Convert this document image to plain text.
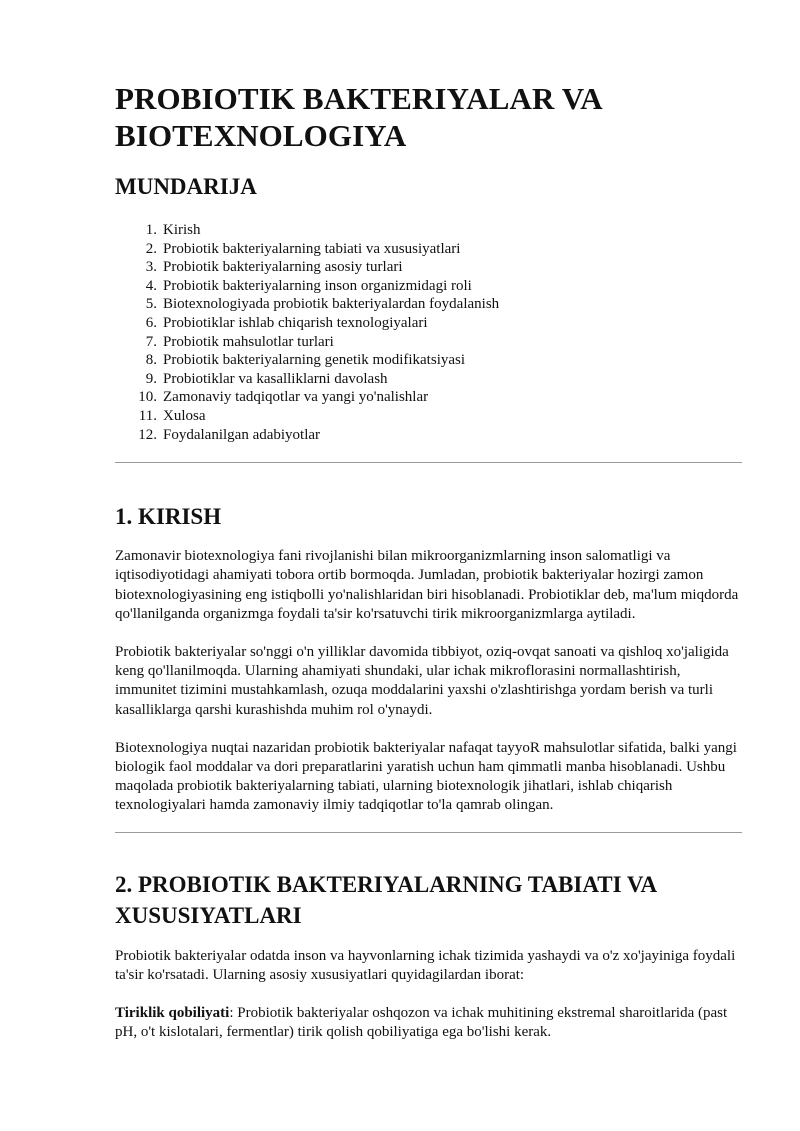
PROBIOTIK BAKTERIYALAR VA BIOTEXNOLOGIYA
MUNDARIJA
1. Kirish
2. Probiotik bakteriyalarning tabiati va xususiyatlari
3. Probiotik bakteriyalarning asosiy turlari
4. Probiotik bakteriyalarning inson organizmidagi roli
5. Biotexnologiyada probiotik bakteriyalardan foydalanish
6. Probiotiklar ishlab chiqarish texnologiyalari
7. Probiotik mahsulotlar turlari
8. Probiotik bakteriyalarning genetik modifikatsiyasi
9. Probiotiklar va kasalliklarni davolash
10. Zamonaviy tadqiqotlar va yangi yo'nalishlar
11. Xulosa
12. Foydalanilgan adabiyotlar
1. KIRISH

Zamonavir biotexnologiya fani rivojlanishi bilan mikroorganizmlarning inson salomatligi va iqtisodiyotidagi ahamiyati tobora ortib bormoqda. Jumladan, probiotik bakteriyalar hozirgi zamon biotexnologiyasining eng istiqbolli yo'nalishlaridan biri hisoblanadi. Probiotiklar deb, ma'lum miqdorda qo'llanilganda organizmga foydali ta'sir ko'rsatuvchi tirik mikroorganizmlarga aytiladi.

Probiotik bakteriyalar so'nggi o'n yilliklar davomida tibbiyot, oziq-ovqat sanoati va qishloq xo'jaligida keng qo'llanilmoqda. Ularning ahamiyati shundaki, ular ichak mikroflorasini normallashtirish, immunitet tizimini mustahkamlash, ozuqa moddalarini yaxshi o'zlashtirishga yordam berish va turli kasalliklarga qarshi kurashishda muhim rol o'ynaydi.

Biotexnologiya nuqtai nazaridan probiotik bakteriyalar nafaqat tayyoR mahsulotlar sifatida, balki yangi biologik faol moddalar va dori preparatlarini yaratish uchun ham qimmatli manba hisoblanadi. Ushbu maqolada probiotik bakteriyalarning tabiati, ularning biotexnologik jihatlari, ishlab chiqarish texnologiyalari hamda zamonaviy ilmiy tadqiqotlar to'la qamrab olingan.

2. PROBIOTIK BAKTERIYALARNING TABIATI VA XUSUSIYATLARI

Probiotik bakteriyalar odatda inson va hayvonlarning ichak tizimida yashaydi va o'z xo'jayiniga foydali ta'sir ko'rsatadi. Ularning asosiy xususiyatlari quyidagilardan iborat:

Tiriklik qobiliyati: Probiotik bakteriyalar oshqozon va ichak muhitining ekstremal sharoitlarida (past pH, o't kislotalari, fermentlar) tirik qolish qobiliyatiga ega bo'lishi kerak.
